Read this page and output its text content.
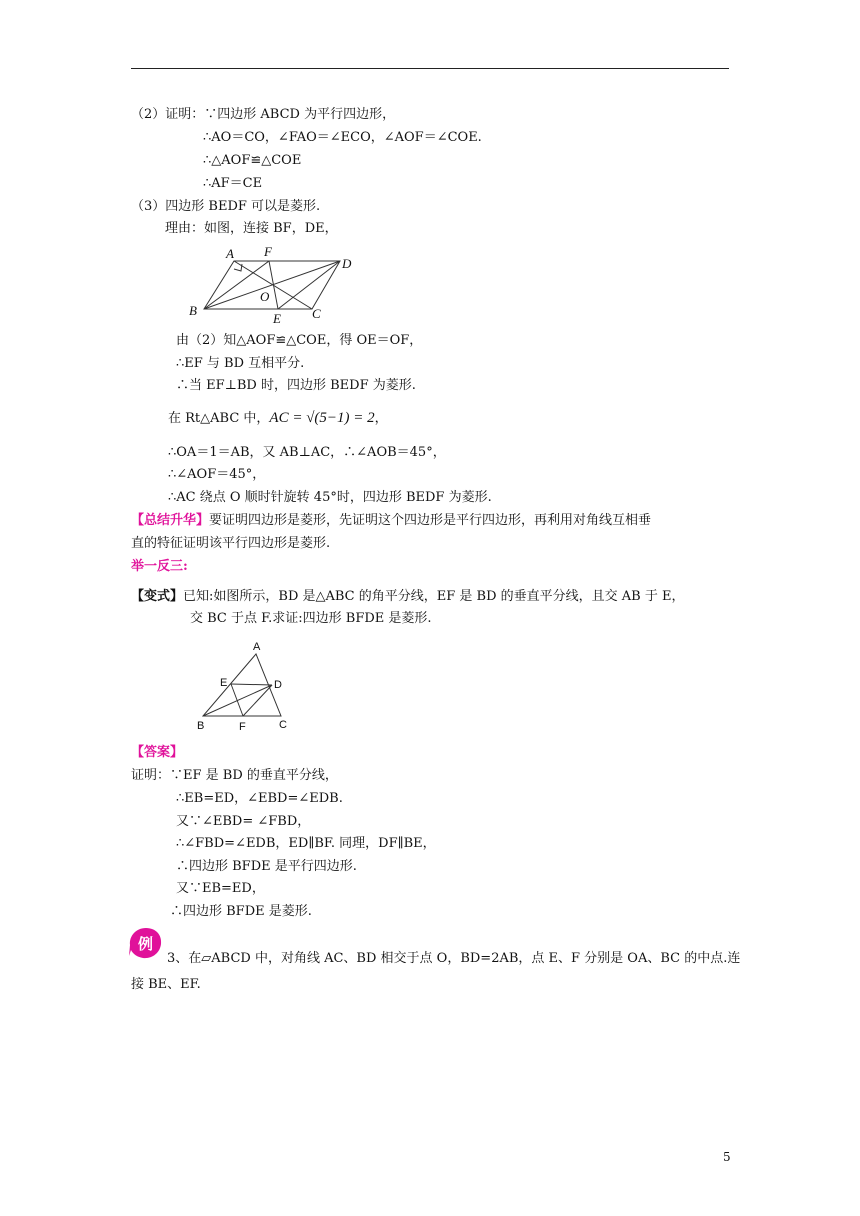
（2）证明：∵四边形 ABCD 为平行四边形，
∴AO＝CO，∠FAO＝∠ECO，∠AOF＝∠COE.
∴△AOF≌△COE
∴AF＝CE
（3）四边形 BEDF 可以是菱形.
理由：如图，连接 BF，DE，
A F
D
O
B
E C
由（2）知△AOF≌△COE，得 OE＝OF，
∴EF 与 BD 互相平分.
∴当 EF⊥BD 时，四边形 BEDF 为菱形.
在 Rt△ABC 中，AC = √(5−1) = 2，
∴OA＝1＝AB，又 AB⊥AC，∴∠AOB＝45°，
∴∠AOF＝45°，
∴AC 绕点 O 顺时针旋转 45°时，四边形 BEDF 为菱形.
【总结升华】要证明四边形是菱形，先证明这个四边形是平行四边形，再利用对角线互相垂
直的特征证明该平行四边形是菱形.
举一反三:
【变式】已知:如图所示，BD 是△ABC 的角平分线，EF 是 BD 的垂直平分线，且交 AB 于 E，
交 BC 于点 F.求证:四边形 BFDE 是菱形.
A
E	D
B	F	C
【答案】
证明：∵EF 是 BD 的垂直平分线，
∴EB=ED，∠EBD=∠EDB.
又∵∠EBD= ∠FBD，
∴∠FBD=∠EDB，ED∥BF. 同理，DF∥BE，
∴四边形 BFDE 是平行四边形.
又∵EB=ED，
∴四边形 BFDE 是菱形.
例
3、在▱ABCD 中，对角线 AC、BD 相交于点 O，BD=2AB，点 E、F 分别是 OA、BC 的中点.连
接 BE、EF.
5
